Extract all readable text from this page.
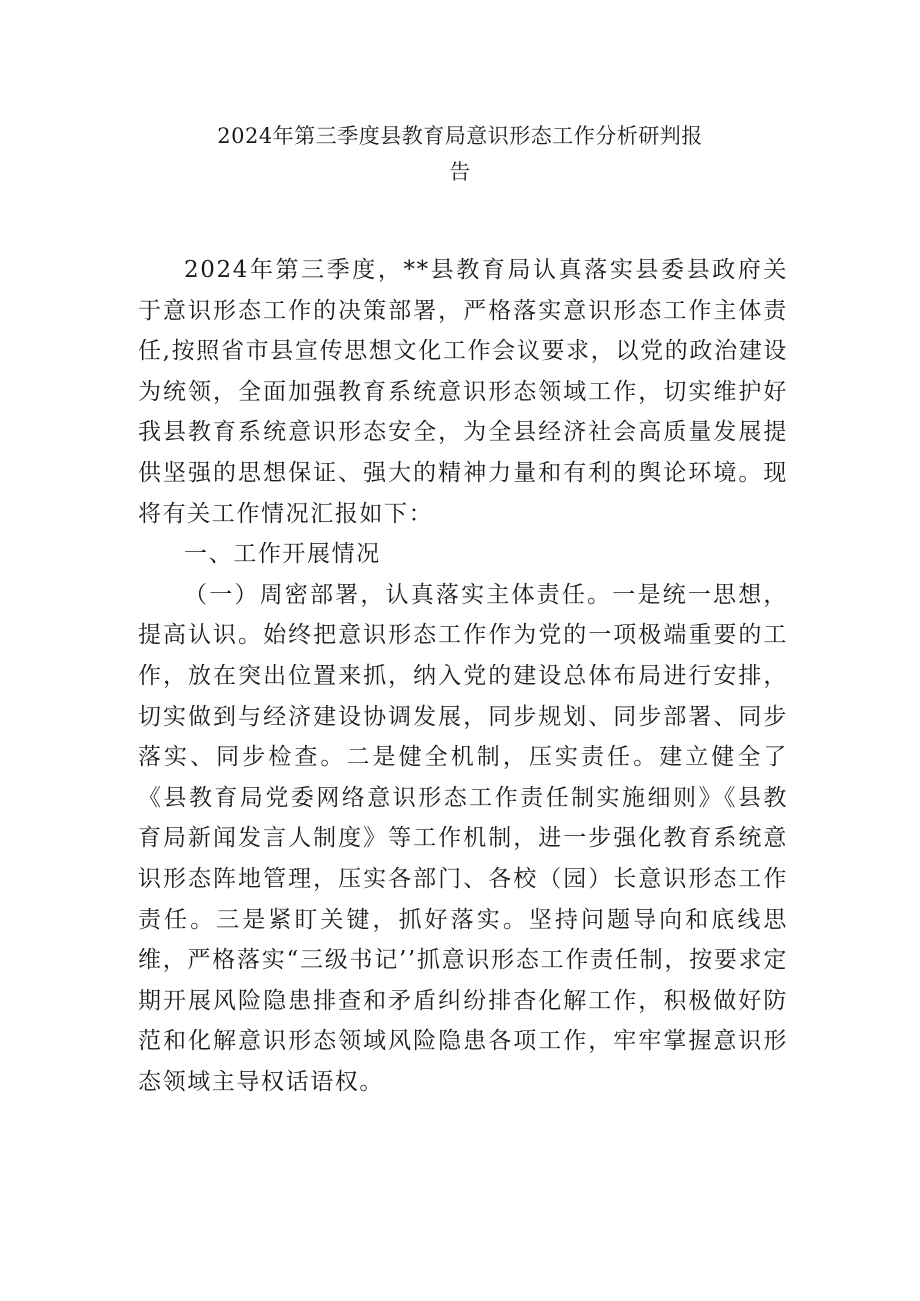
2024年第三季度县教育局意识形态工作分析研判报
告

2024年第三季度，**县教育局认真落实县委县政府关于意识形态工作的决策部署，严格落实意识形态工作主体责任,按照省市县宣传思想文化工作会议要求，以党的政治建设为统领，全面加强教育系统意识形态领域工作，切实维护好我县教育系统意识形态安全，为全县经济社会高质量发展提供坚强的思想保证、强大的精神力量和有利的舆论环境。现将有关工作情况汇报如下：

一、工作开展情况

（一）周密部署，认真落实主体责任。一是统一思想，提高认识。始终把意识形态工作作为党的一项极端重要的工作，放在突出位置来抓，纳入党的建设总体布局进行安排，切实做到与经济建设协调发展，同步规划、同步部署、同步落实、同步检查。二是健全机制，压实责任。建立健全了《县教育局党委网络意识形态工作责任制实施细则》《县教育局新闻发言人制度》等工作机制，进一步强化教育系统意识形态阵地管理，压实各部门、各校（园）长意识形态工作责任。三是紧盯关键，抓好落实。坚持问题导向和底线思维，严格落实“三级书记’’抓意识形态工作责任制，按要求定期开展风险隐患排查和矛盾纠纷排杳化解工作，积极做好防范和化解意识形态领域风险隐患各项工作，牢牢掌握意识形态领域主导权话语权。
